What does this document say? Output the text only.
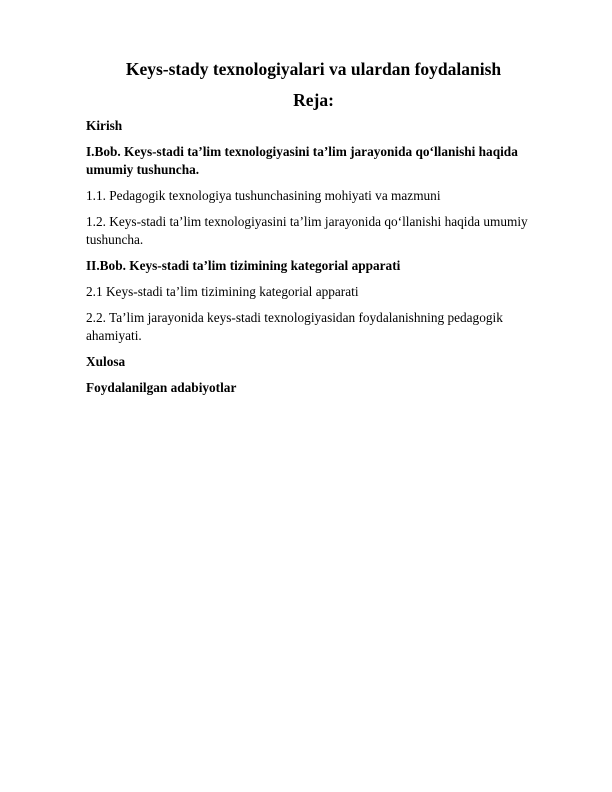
Keys-stady texnologiyalari va ulardan foydalanish
Reja:
Kirish
I.Bob. Keys-stadi ta’lim texnologiyasini ta’lim jarayonida qo‘llanishi haqida umumiy tushuncha.
1.1. Pedagogik texnologiya tushunchasining mohiyati va mazmuni
1.2. Keys-stadi ta’lim texnologiyasini ta’lim jarayonida qo‘llanishi haqida umumiy tushuncha.
II.Bob. Keys-stadi ta’lim tizimining kategorial apparati
2.1 Keys-stadi ta’lim tizimining kategorial apparati
2.2. Ta’lim jarayonida keys-stadi texnologiyasidan foydalanishning pedagogik ahamiyati.
Xulosa
Foydalanilgan adabiyotlar
